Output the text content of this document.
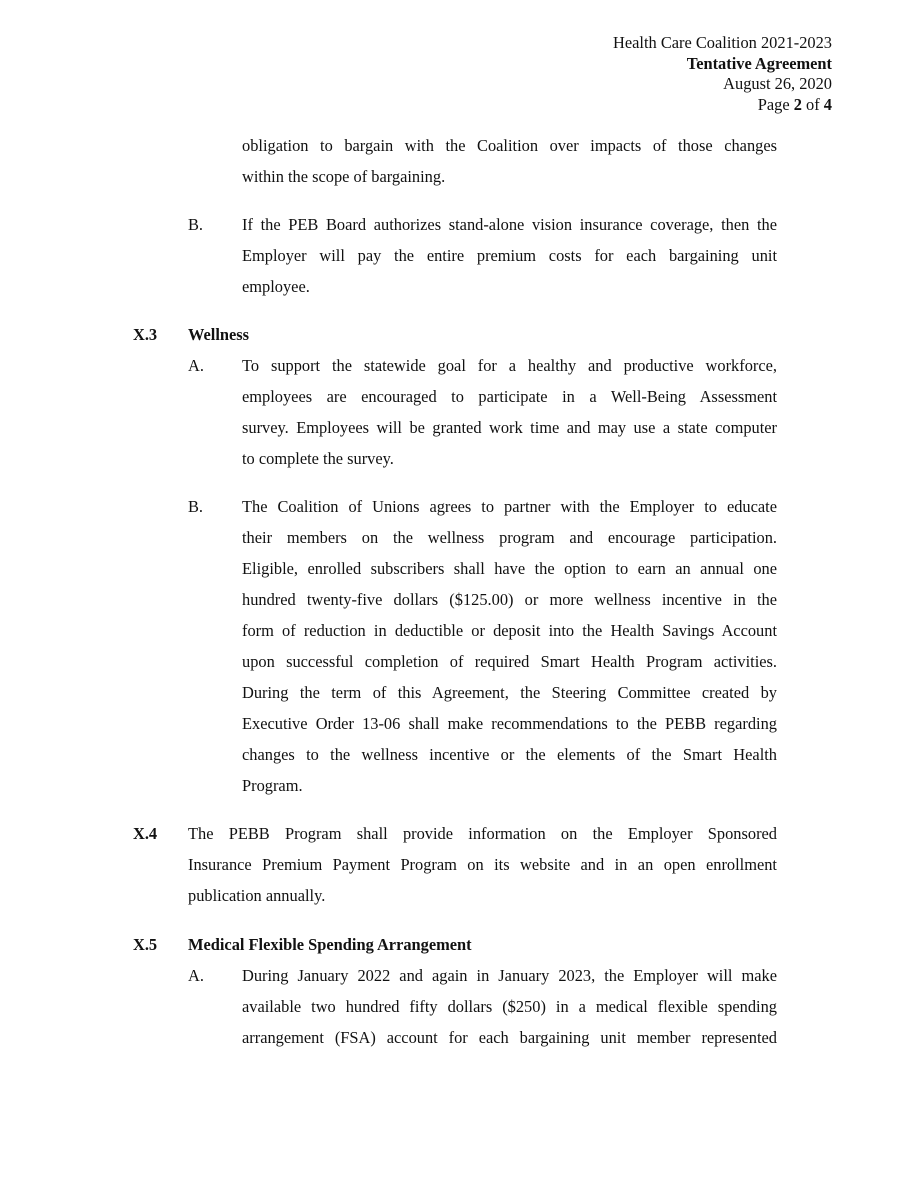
Health Care Coalition 2021-2023
Tentative Agreement
August 26, 2020
Page 2 of 4
obligation to bargain with the Coalition over impacts of those changes
within the scope of bargaining.
B. If the PEB Board authorizes stand-alone vision insurance coverage, then the
Employer will pay the entire premium costs for each bargaining unit
employee.
X.3 Wellness
A. To support the statewide goal for a healthy and productive workforce,
employees are encouraged to participate in a Well-Being Assessment
survey. Employees will be granted work time and may use a state computer
to complete the survey.
B. The Coalition of Unions agrees to partner with the Employer to educate
their members on the wellness program and encourage participation.
Eligible, enrolled subscribers shall have the option to earn an annual one
hundred twenty-five dollars ($125.00) or more wellness incentive in the
form of reduction in deductible or deposit into the Health Savings Account
upon successful completion of required Smart Health Program activities.
During the term of this Agreement, the Steering Committee created by
Executive Order 13-06 shall make recommendations to the PEBB regarding
changes to the wellness incentive or the elements of the Smart Health
Program.
X.4 The PEBB Program shall provide information on the Employer Sponsored
Insurance Premium Payment Program on its website and in an open enrollment
publication annually.
X.5 Medical Flexible Spending Arrangement
A. During January 2022 and again in January 2023, the Employer will make
available two hundred fifty dollars ($250) in a medical flexible spending
arrangement (FSA) account for each bargaining unit member represented
